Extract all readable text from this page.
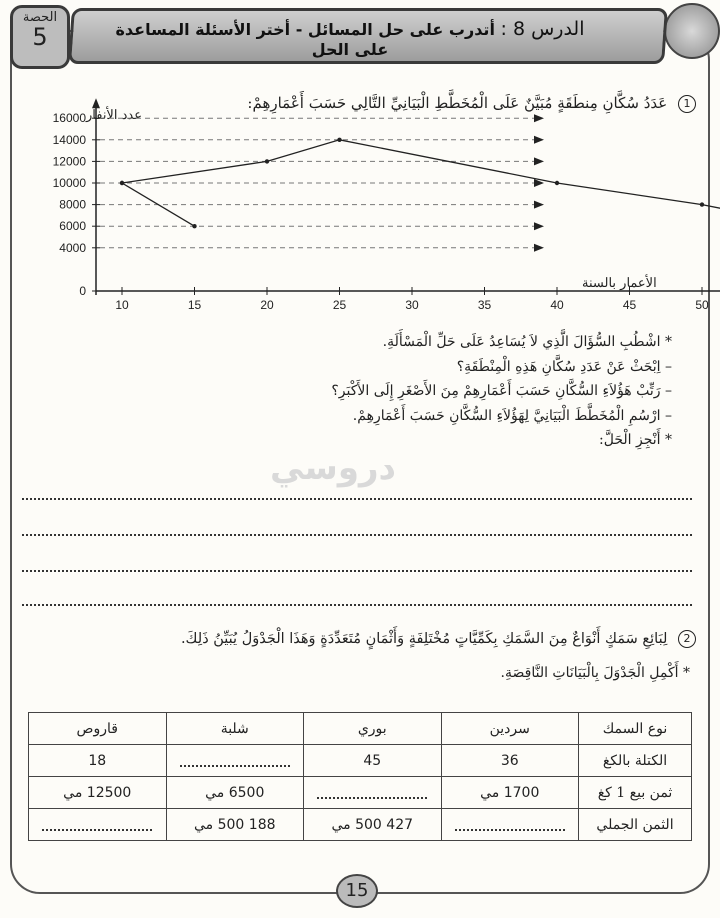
الحصة
5	الدرس 8 : أتدرب على حل المسائل - أختر الأسئلة المساعدة على الحل
دروسي
1 عَدَدُ سُكَّانِ مِنطَقَةٍ مُبَيَّنٌ عَلَى الْمُخَطَّطِ الْبَيَانِيِّ التَّالِي حَسَبَ أَعْمَارِهِمْ:
عدد الأنفار
الأعمار بالسنة
0
4000
6000
8000
10000
12000
14000
16000
10	15	20	25	30	35	40	45	50
* اشْطُبِ السُّؤَالَ الَّذِي لاَ يُسَاعِدُ عَلَى حَلِّ الْمَسْأَلَةِ.
– اِبْحَثْ عَنْ عَدَدِ سُكَّانِ هَذِهِ الْمِنْطَقَةِ؟
– رَتِّبْ هَؤُلاَءِ السُّكَّانِ حَسَبَ أَعْمَارِهِمْ مِنَ الأَصْغَرِ إِلَى الأَكْبَرِ؟
– ارْسُمِ الْمُخَطَّطَ الْبَيَانِيَّ لِهَؤُلاَءِ السُّكَّانِ حَسَبَ أَعْمَارِهِمْ.
* أَنْجِزِ الْحَلَّ:
2 لِبَائِعِ سَمَكٍ أَنْوَاعٌ مِنَ السَّمَكِ بِكَمِّيَّاتٍ مُخْتَلِفَةٍ وَأَثْمَانٍ مُتَعَدِّدَةٍ وَهَذَا الْجَدْوَلُ يُبَيِّنُ ذَلِكَ.
* أَكْمِلِ الْجَدْوَلَ بِالْبَيَانَاتِ النَّاقِصَةِ.
نوع السمك	سردين	بوري	شلبة	قاروص
الكتلة بالكغ	36	45		18
ثمن بيع 1 كغ	1700 مي		6500 مي	12500 مي
الثمن الجملي		427 500 مي	188 500 مي	
15
